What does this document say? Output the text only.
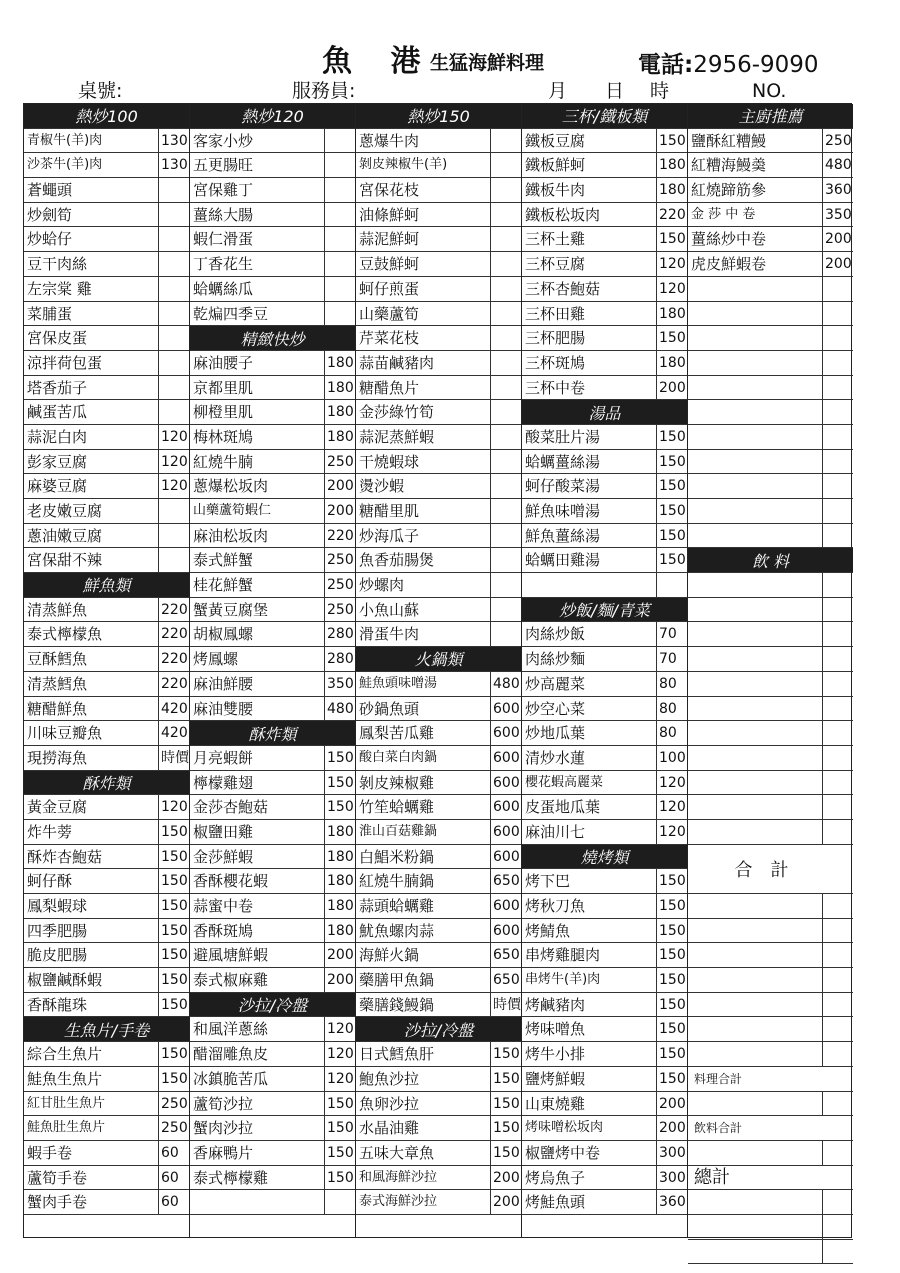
魚 港
生猛海鮮料理	電話:2956-9090
桌號:	服務員:	月 日 時	NO.
熱炒100
青椒牛(羊)肉	130
沙茶牛(羊)肉	130
蒼蠅頭
炒劍筍
炒蛤仔
豆干肉絲
左宗棠 雞
菜脯蛋
宮保皮蛋
涼拌荷包蛋
塔香茄子
鹹蛋苦瓜
蒜泥白肉	120
彭家豆腐	120
麻婆豆腐	120
老皮嫩豆腐
蔥油嫩豆腐
宮保甜不辣
鮮魚類
清蒸鮮魚	220
泰式檸檬魚	220
豆酥鱈魚	220
清蒸鱈魚	220
糖醋鮮魚	420
川味豆瓣魚	420
現撈海魚	時價
酥炸類
黃金豆腐	120
炸牛蒡	150
酥炸杏鮑菇	150
蚵仔酥	150
鳳梨蝦球	150
四季肥腸	150
脆皮肥腸	150
椒鹽鹹酥蝦	150
香酥龍珠	150
生魚片/手卷
綜合生魚片	150
鮭魚生魚片	150
紅甘肚生魚片	250
鮭魚肚生魚片	250
蝦手卷	60
蘆筍手卷	60
蟹肉手卷	60
熱炒120
客家小炒
五更腸旺
宮保雞丁
薑絲大腸
蝦仁滑蛋
丁香花生
蛤蠣絲瓜
乾煸四季豆
精緻快炒
麻油腰子	180
京都里肌	180
柳橙里肌	180
梅林斑鳩	180
紅燒牛腩	250
蔥爆松坂肉	200
山藥蘆筍蝦仁	200
麻油松坂肉	220
泰式鮮蟹	250
桂花鮮蟹	250
蟹黃豆腐堡	250
胡椒鳳螺	280
烤鳳螺	280
麻油鮮腰	350
麻油雙腰	480
酥炸類
月亮蝦餅	150
檸檬雞翅	150
金莎杏鮑菇	150
椒鹽田雞	180
金莎鮮蝦	180
香酥櫻花蝦	180
蒜蜜中卷	180
香酥斑鳩	180
避風塘鮮蝦	200
泰式椒麻雞	200
沙拉/冷盤
和風洋蔥絲	120
醋溜雕魚皮	120
冰鎮脆苦瓜	120
蘆筍沙拉	150
蟹肉沙拉	150
香麻鴨片	150
泰式檸檬雞	150
熱炒150
蔥爆牛肉
剝皮辣椒牛(羊)
宮保花枝
油條鮮蚵
蒜泥鮮蚵
豆鼓鮮蚵
蚵仔煎蛋
山藥蘆筍
芹菜花枝
蒜苗鹹豬肉
糖醋魚片
金莎綠竹筍
蒜泥蒸鮮蝦
干燒蝦球
燙沙蝦
糖醋里肌
炒海瓜子
魚香茄腸煲
炒螺肉
小魚山蘇
滑蛋牛肉
火鍋類
鮭魚頭味噌湯	480
砂鍋魚頭	600
鳳梨苦瓜雞	600
酸白菜白肉鍋	600
剝皮辣椒雞	600
竹笙蛤蠣雞	600
淮山百菇雞鍋	600
白鯧米粉鍋	600
紅燒牛腩鍋	650
蒜頭蛤蠣雞	600
魷魚螺肉蒜	600
海鮮火鍋	650
藥膳甲魚鍋	650
藥膳錢鰻鍋	時價
沙拉/冷盤
日式鱈魚肝	150
鮑魚沙拉	150
魚卵沙拉	150
水晶油雞	150
五味大章魚	150
和風海鮮沙拉	200
泰式海鮮沙拉	200
三杯/鐵板類
鐵板豆腐	150
鐵板鮮蚵	180
鐵板牛肉	180
鐵板松坂肉	220
三杯土雞	150
三杯豆腐	120
三杯杏鮑菇	120
三杯田雞	180
三杯肥腸	150
三杯斑鳩	180
三杯中卷	200
湯品
酸菜肚片湯	150
蛤蠣薑絲湯	150
蚵仔酸菜湯	150
鮮魚味噌湯	150
鮮魚薑絲湯	150
蛤蠣田雞湯	150
炒飯/麵/青菜
肉絲炒飯	70
肉絲炒麵	70
炒高麗菜	80
炒空心菜	80
炒地瓜葉	80
清炒水蓮	100
櫻花蝦高麗菜	120
皮蛋地瓜葉	120
麻油川七	120
燒烤類
烤下巴	150
烤秋刀魚	150
烤鯖魚	150
串烤雞腿肉	150
串烤牛(羊)肉	150
烤鹹豬肉	150
烤味噌魚	150
烤牛小排	150
鹽烤鮮蝦	150
山東燒雞	200
烤味噌松坂肉	200
椒鹽烤中卷	300
烤烏魚子	300
烤鮭魚頭	360
主廚推薦
鹽酥紅糟鰻	250
紅糟海鰻羮	480
紅燒蹄筋參	360
金 莎 中 卷	350
薑絲炒中卷	200
虎皮鮮蝦卷	200
飲 料
合計
料理合計
飲料合計
總計
